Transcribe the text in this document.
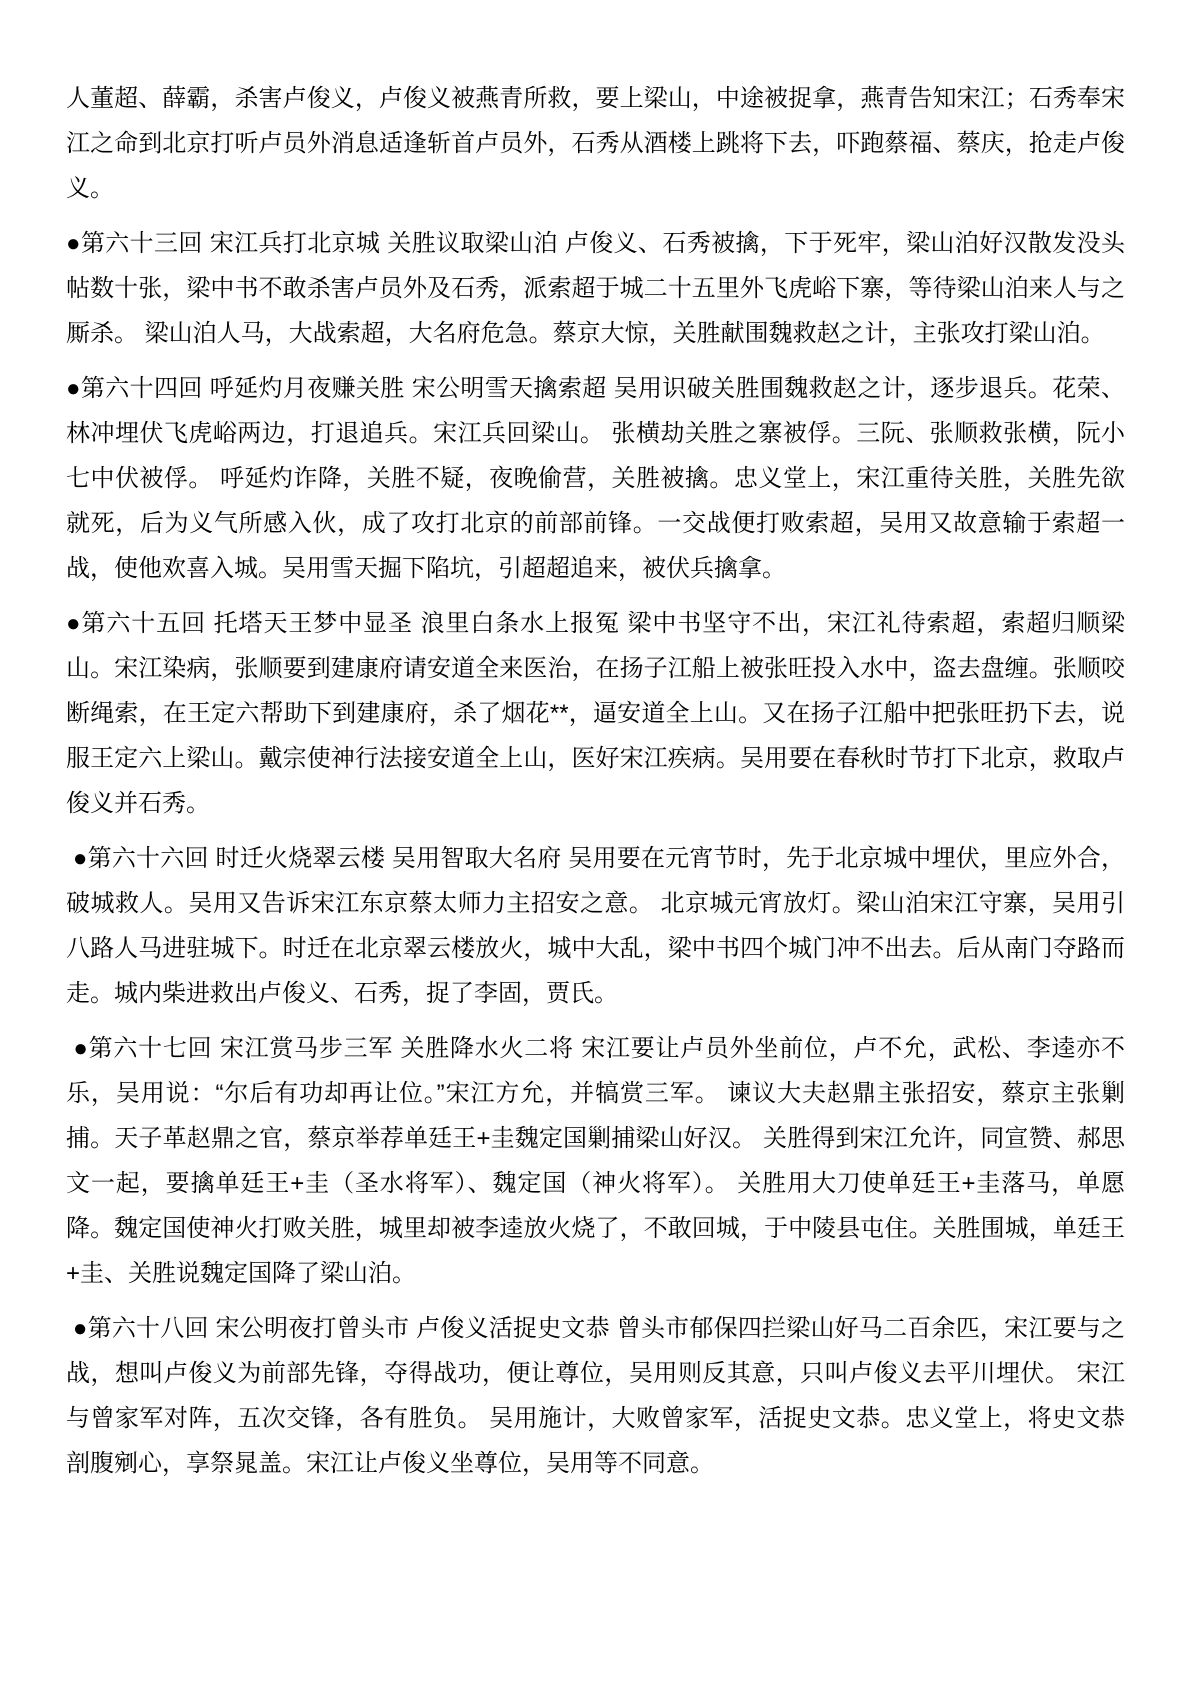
人董超、薛霸，杀害卢俊义，卢俊义被燕青所救，要上梁山，中途被捉拿，燕青告知宋江；石秀奉宋江之命到北京打听卢员外消息适逢斩首卢员外，石秀从酒楼上跳将下去，吓跑蔡福、蔡庆，抢走卢俊义。

●第六十三回 宋江兵打北京城 关胜议取梁山泊 卢俊义、石秀被擒，下于死牢，梁山泊好汉散发没头帖数十张，梁中书不敢杀害卢员外及石秀，派索超于城二十五里外飞虎峪下寨，等待梁山泊来人与之厮杀。 梁山泊人马，大战索超，大名府危急。蔡京大惊，关胜献围魏救赵之计，主张攻打梁山泊。

●第六十四回 呼延灼月夜赚关胜 宋公明雪天擒索超 吴用识破关胜围魏救赵之计，逐步退兵。花荣、林冲埋伏飞虎峪两边，打退追兵。宋江兵回梁山。 张横劫关胜之寨被俘。三阮、张顺救张横，阮小七中伏被俘。 呼延灼诈降，关胜不疑，夜晚偷营，关胜被擒。忠义堂上，宋江重待关胜，关胜先欲就死，后为义气所感入伙，成了攻打北京的前部前锋。一交战便打败索超，吴用又故意输于索超一战，使他欢喜入城。吴用雪天掘下陷坑，引超超追来，被伏兵擒拿。

●第六十五回 托塔天王梦中显圣 浪里白条水上报冤 梁中书坚守不出，宋江礼待索超，索超归顺梁山。宋江染病，张顺要到建康府请安道全来医治，在扬子江船上被张旺投入水中，盗去盘缠。张顺咬断绳索，在王定六帮助下到建康府，杀了烟花**，逼安道全上山。又在扬子江船中把张旺扔下去，说服王定六上梁山。戴宗使神行法接安道全上山，医好宋江疾病。吴用要在春秋时节打下北京，救取卢俊义并石秀。

●第六十六回 时迁火烧翠云楼 吴用智取大名府 吴用要在元宵节时，先于北京城中埋伏，里应外合，破城救人。吴用又告诉宋江东京蔡太师力主招安之意。 北京城元宵放灯。梁山泊宋江守寨，吴用引八路人马进驻城下。时迁在北京翠云楼放火，城中大乱，梁中书四个城门冲不出去。后从南门夺路而走。城内柴进救出卢俊义、石秀，捉了李固，贾氏。

●第六十七回 宋江赏马步三军 关胜降水火二将 宋江要让卢员外坐前位，卢不允，武松、李逵亦不乐，吴用说：“尔后有功却再让位。”宋江方允，并犒赏三军。 谏议大夫赵鼎主张招安，蔡京主张剿捕。天子革赵鼎之官，蔡京举荐单廷王+圭魏定国剿捕梁山好汉。 关胜得到宋江允许，同宣赞、郝思文一起，要擒单廷王+圭（圣水将军）、魏定国（神火将军）。 关胜用大刀使单廷王+圭落马，单愿降。魏定国使神火打败关胜，城里却被李逵放火烧了，不敢回城，于中陵县屯住。关胜围城，单廷王+圭、关胜说魏定国降了梁山泊。

●第六十八回 宋公明夜打曾头市 卢俊义活捉史文恭 曾头市郁保四拦梁山好马二百余匹，宋江要与之战，想叫卢俊义为前部先锋，夺得战功，便让尊位，吴用则反其意，只叫卢俊义去平川埋伏。 宋江与曾家军对阵，五次交锋，各有胜负。 吴用施计，大败曾家军，活捉史文恭。忠义堂上，将史文恭剖腹剜心，享祭晁盖。宋江让卢俊义坐尊位，吴用等不同意。
